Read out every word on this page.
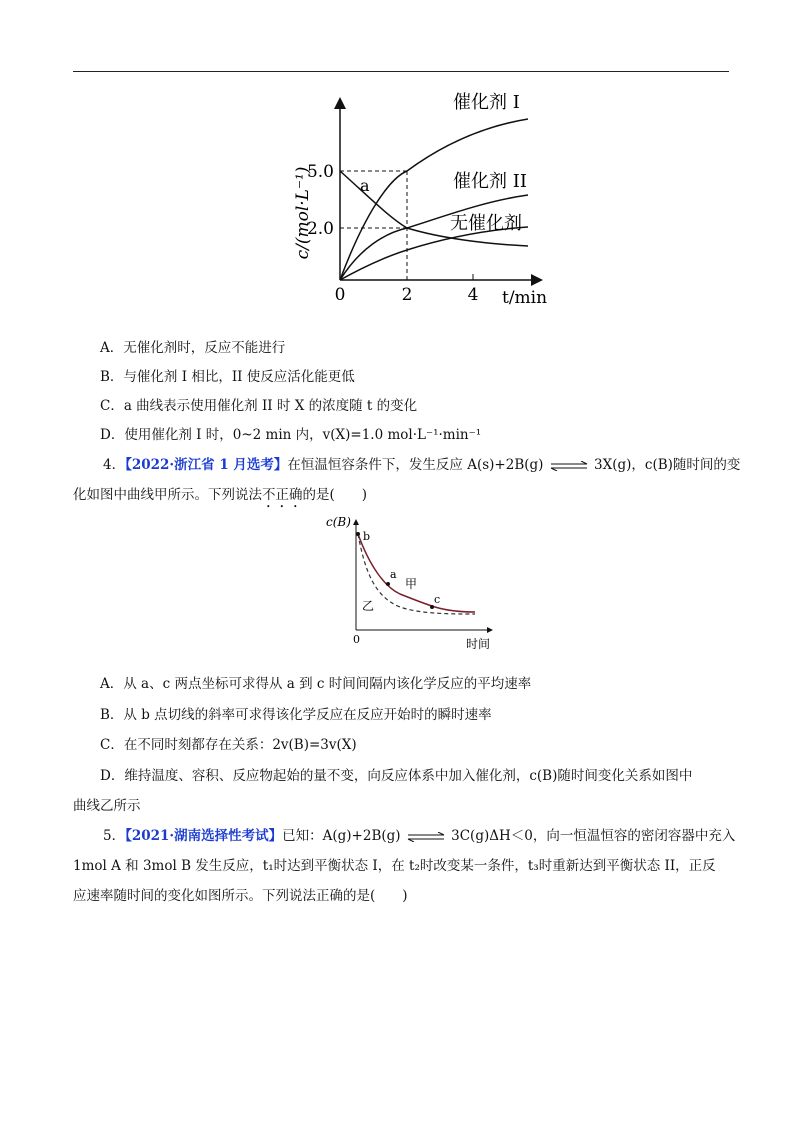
c/(mol·L⁻¹)
5.0
2.0
0	2	4 t/min
催化剂 I
催化剂 II
无催化剂
a
A．无催化剂时，反应不能进行
B．与催化剂 I 相比，II 使反应活化能更低
C．a 曲线表示使用催化剂 II 时 X 的浓度随 t 的变化
D．使用催化剂 I 时，0~2 min 内，v(X)=1.0 mol·L⁻¹·min⁻¹
4．【2022·浙江省 1 月选考】在恒温恒容条件下，发生反应 A(s)+2B(g) ⇌ 3X(g)，c(B)随时间的变
化如图中曲线甲所示。下列说法不正确的是(　　)
c(B)
时间
0
b
a
c
甲
乙
A．从 a、c 两点坐标可求得从 a 到 c 时间间隔内该化学反应的平均速率
B．从 b 点切线的斜率可求得该化学反应在反应开始时的瞬时速率
C．在不同时刻都存在关系：2v(B)=3v(X)
D．维持温度、容积、反应物起始的量不变，向反应体系中加入催化剂，c(B)随时间变化关系如图中
曲线乙所示
5．【2021·湖南选择性考试】已知：A(g)+2B(g) ⇌ 3C(g)ΔH＜0，向一恒温恒容的密闭容器中充入
1mol A 和 3mol B 发生反应，t₁时达到平衡状态 I，在 t₂时改变某一条件，t₃时重新达到平衡状态 II，正反
应速率随时间的变化如图所示。下列说法正确的是(　　)
